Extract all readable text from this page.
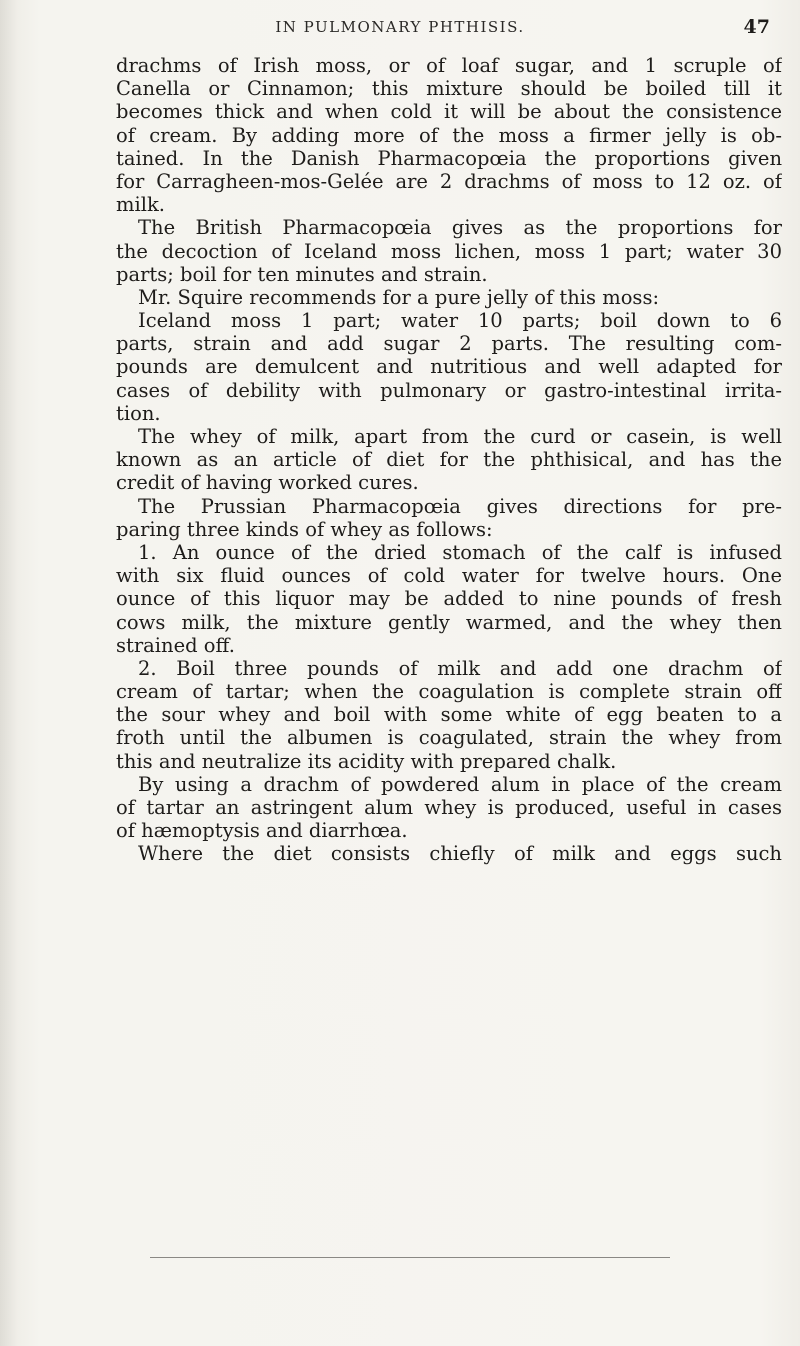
IN PULMONARY PHTHISIS.	47
drachms of Irish moss, or of loaf sugar, and 1 scruple of
Canella or Cinnamon; this mixture should be boiled till it
becomes thick and when cold it will be about the consistence
of cream. By adding more of the moss a firmer jelly is ob-
tained. In the Danish Pharmacopœia the proportions given
for Carragheen-mos-Gelée are 2 drachms of moss to 12 oz. of
milk.
The British Pharmacopœia gives as the proportions for
the decoction of Iceland moss lichen, moss 1 part; water 30
parts; boil for ten minutes and strain.
Mr. Squire recommends for a pure jelly of this moss:
Iceland moss 1 part; water 10 parts; boil down to 6
parts, strain and add sugar 2 parts. The resulting com-
pounds are demulcent and nutritious and well adapted for
cases of debility with pulmonary or gastro-intestinal irrita-
tion.
The whey of milk, apart from the curd or casein, is well
known as an article of diet for the phthisical, and has the
credit of having worked cures.
The Prussian Pharmacopœia gives directions for pre-
paring three kinds of whey as follows:
1. An ounce of the dried stomach of the calf is infused
with six fluid ounces of cold water for twelve hours. One
ounce of this liquor may be added to nine pounds of fresh
cows milk, the mixture gently warmed, and the whey then
strained off.
2. Boil three pounds of milk and add one drachm of
cream of tartar; when the coagulation is complete strain off
the sour whey and boil with some white of egg beaten to a
froth until the albumen is coagulated, strain the whey from
this and neutralize its acidity with prepared chalk.
By using a drachm of powdered alum in place of the cream
of tartar an astringent alum whey is produced, useful in cases
of hæmoptysis and diarrhœa.
Where the diet consists chiefly of milk and eggs such
